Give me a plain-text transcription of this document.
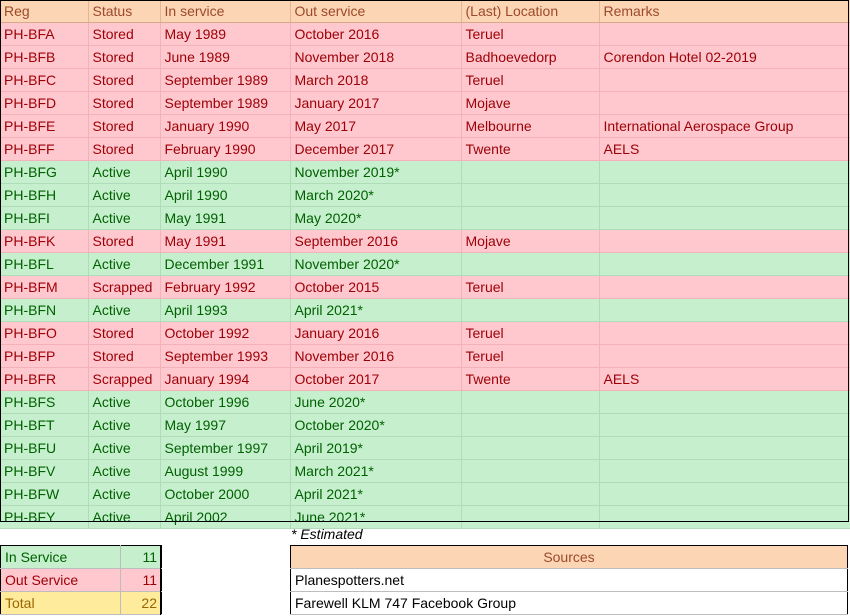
Reg	Status	In service	Out service	(Last) Location	Remarks
PH-BFA	Stored	May 1989	October 2016	Teruel	
PH-BFB	Stored	June 1989	November 2018	Badhoevedorp	Corendon Hotel 02-2019
PH-BFC	Stored	September 1989	March 2018	Teruel	
PH-BFD	Stored	September 1989	January 2017	Mojave	
PH-BFE	Stored	January 1990	May 2017	Melbourne	International Aerospace Group
PH-BFF	Stored	February 1990	December 2017	Twente	AELS
PH-BFG	Active	April 1990	November 2019*		
PH-BFH	Active	April 1990	March 2020*		
PH-BFI	Active	May 1991	May 2020*		
PH-BFK	Stored	May 1991	September 2016	Mojave	
PH-BFL	Active	December 1991	November 2020*		
PH-BFM	Scrapped	February 1992	October 2015	Teruel	
PH-BFN	Active	April 1993	April 2021*		
PH-BFO	Stored	October 1992	January 2016	Teruel	
PH-BFP	Stored	September 1993	November 2016	Teruel	
PH-BFR	Scrapped	January 1994	October 2017	Twente	AELS
PH-BFS	Active	October 1996	June 2020*		
PH-BFT	Active	May 1997	October 2020*		
PH-BFU	Active	September 1997	April 2019*		
PH-BFV	Active	August 1999	March 2021*		
PH-BFW	Active	October 2000	April 2021*		
PH-BFY	Active	April 2002	June 2021*		
* Estimated
In Service	11
Out Service	11
Total	22
Sources
Planespotters.net
Farewell KLM 747 Facebook Group
